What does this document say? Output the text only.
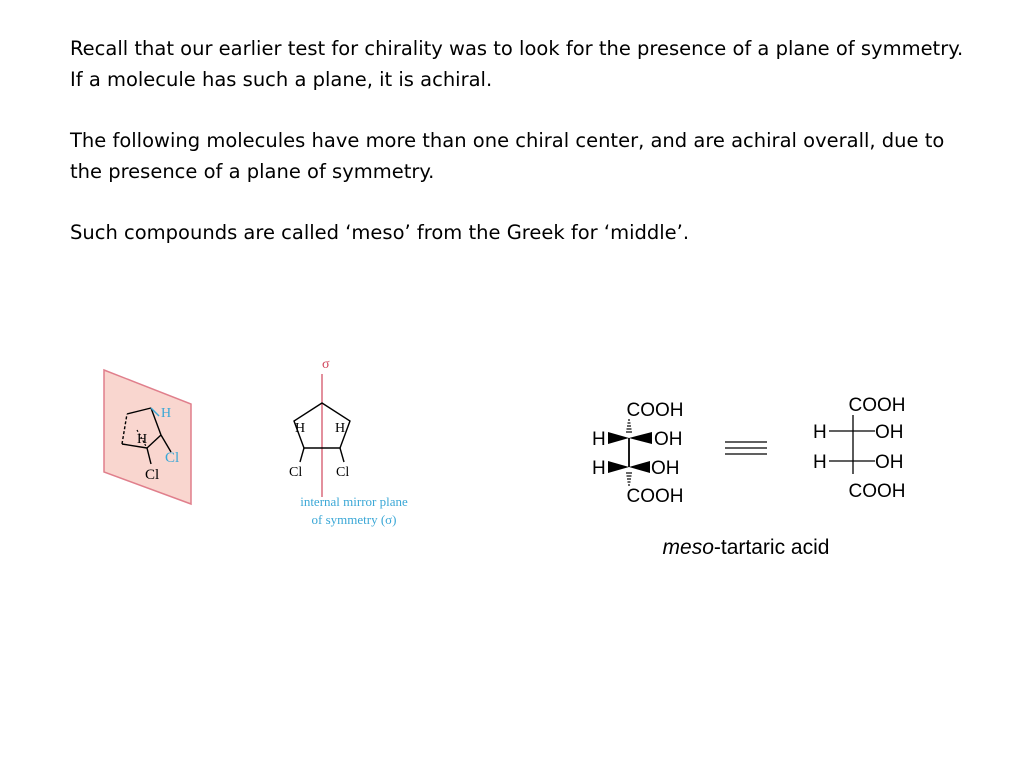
Recall that our earlier test for chirality was to look for the presence of a plane of symmetry. If a molecule has such a plane, it is achiral.

The following molecules have more than one chiral center, and are achiral overall, due to the presence of a plane of symmetry.

Such compounds are called ‘meso’ from the Greek for ‘middle’.

H
H
Cl
Cl
σ
H H
Cl Cl
internal mirror plane
of symmetry (σ)
COOH
H	OH
H OH
COOH
COOH
H	OH
H	OH
COOH
meso-tartaric acid
